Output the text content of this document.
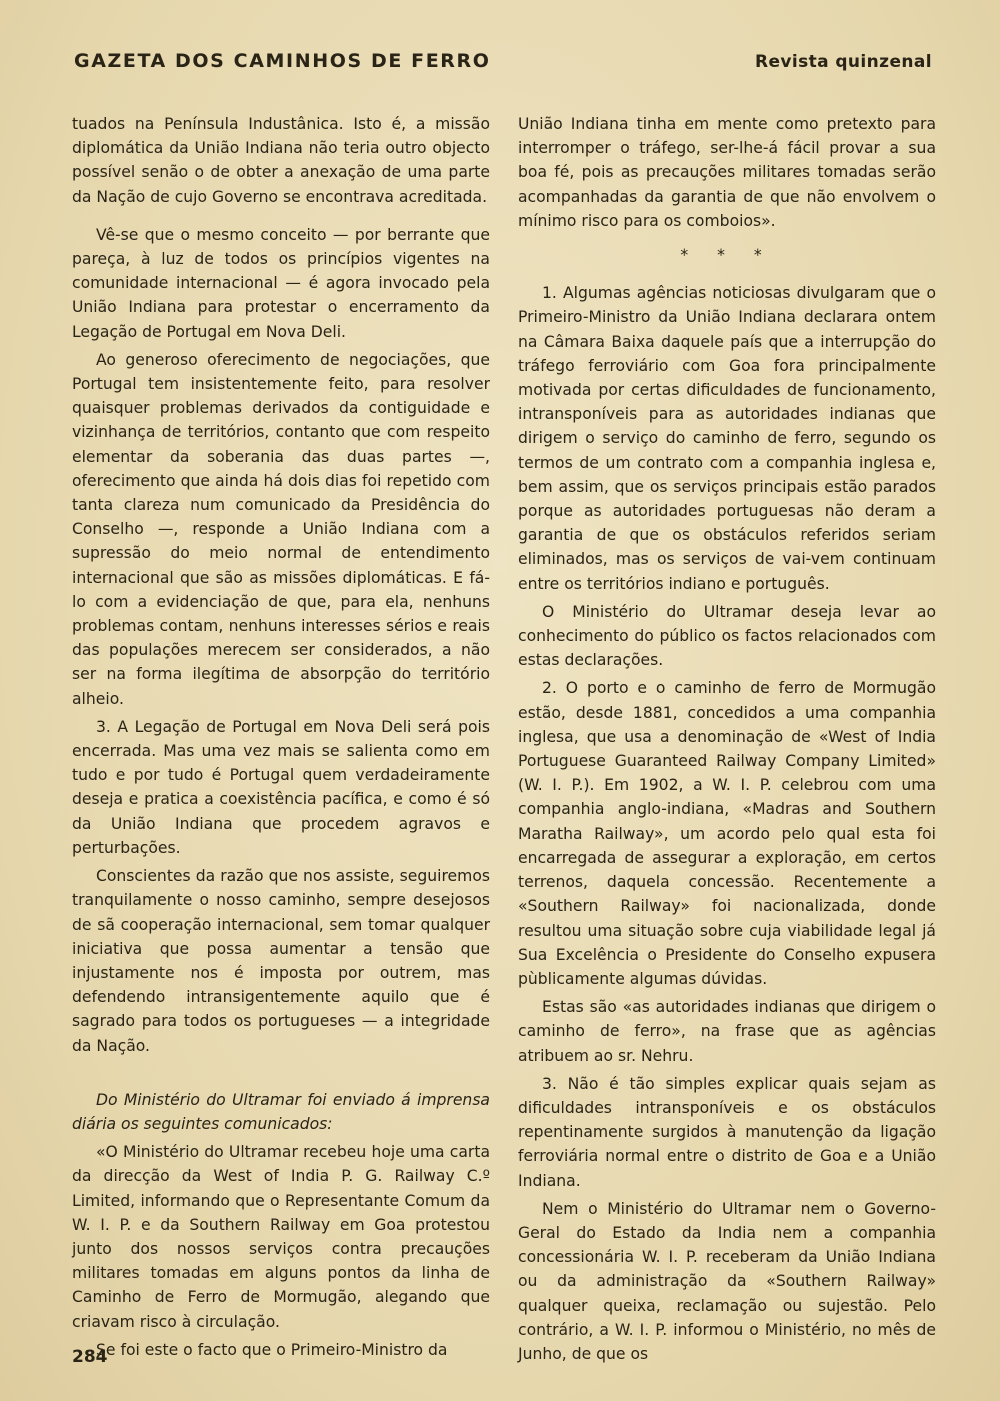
GAZETA DOS CAMINHOS DE FERRO	Revista quinzenal

tuados na Península Industânica. Isto é, a missão diplomática da União Indiana não teria outro objecto possível senão o de obter a anexação de uma parte da Nação de cujo Governo se encontrava acreditada.

Vê-se que o mesmo conceito — por berrante que pareça, à luz de todos os princípios vigentes na comunidade internacional — é agora invocado pela União Indiana para protestar o encerramento da Legação de Portugal em Nova Deli.

Ao generoso oferecimento de negociações, que Portugal tem insistentemente feito, para resolver quaisquer problemas derivados da contiguidade e vizinhança de territórios, contanto que com respeito elementar da soberania das duas partes —, oferecimento que ainda há dois dias foi repetido com tanta clareza num comunicado da Presidência do Conselho —, responde a União Indiana com a supressão do meio normal de entendimento internacional que são as missões diplomáticas. E fá-lo com a evidenciação de que, para ela, nenhuns problemas contam, nenhuns interesses sérios e reais das populações merecem ser considerados, a não ser na forma ilegítima de absorpção do território alheio.

3. A Legação de Portugal em Nova Deli será pois encerrada. Mas uma vez mais se salienta como em tudo e por tudo é Portugal quem verdadeiramente deseja e pratica a coexistência pacífica, e como é só da União Indiana que procedem agravos e perturbações.

Conscientes da razão que nos assiste, seguiremos tranquilamente o nosso caminho, sempre desejosos de sã cooperação internacional, sem tomar qualquer iniciativa que possa aumentar a tensão que injustamente nos é imposta por outrem, mas defendendo intransigentemente aquilo que é sagrado para todos os portugueses — a integridade da Nação.

Do Ministério do Ultramar foi enviado á imprensa diária os seguintes comunicados:

«O Ministério do Ultramar recebeu hoje uma carta da direcção da West of India P. G. Railway C.º Limited, informando que o Representante Comum da W. I. P. e da Southern Railway em Goa protestou junto dos nossos serviços contra precauções militares tomadas em alguns pontos da linha de Caminho de Ferro de Mormugão, alegando que criavam risco à circulação.

Se foi este o facto que o Primeiro-Ministro da

União Indiana tinha em mente como pretexto para interromper o tráfego, ser-lhe-á fácil provar a sua boa fé, pois as precauções militares tomadas serão acompanhadas da garantia de que não envolvem o mínimo risco para os comboios».

* * *

1. Algumas agências noticiosas divulgaram que o Primeiro-Ministro da União Indiana declarara ontem na Câmara Baixa daquele país que a interrupção do tráfego ferroviário com Goa fora principalmente motivada por certas dificuldades de funcionamento, intransponíveis para as autoridades indianas que dirigem o serviço do caminho de ferro, segundo os termos de um contrato com a companhia inglesa e, bem assim, que os serviços principais estão parados porque as autoridades portuguesas não deram a garantia de que os obstáculos referidos seriam eliminados, mas os serviços de vai-vem continuam entre os territórios indiano e português.

O Ministério do Ultramar deseja levar ao conhecimento do público os factos relacionados com estas declarações.

2. O porto e o caminho de ferro de Mormugão estão, desde 1881, concedidos a uma companhia inglesa, que usa a denominação de «West of India Portuguese Guaranteed Railway Company Limited» (W. I. P.). Em 1902, a W. I. P. celebrou com uma companhia anglo-indiana, «Madras and Southern Maratha Railway», um acordo pelo qual esta foi encarregada de assegurar a exploração, em certos terrenos, daquela concessão. Recentemente a «Southern Railway» foi nacionalizada, donde resultou uma situação sobre cuja viabilidade legal já Sua Excelência o Presidente do Conselho expusera pùblicamente algumas dúvidas.

Estas são «as autoridades indianas que dirigem o caminho de ferro», na frase que as agências atribuem ao sr. Nehru.

3. Não é tão simples explicar quais sejam as dificuldades intransponíveis e os obstáculos repentinamente surgidos à manutenção da ligação ferroviária normal entre o distrito de Goa e a União Indiana.

Nem o Ministério do Ultramar nem o Governo-Geral do Estado da India nem a companhia concessionária W. I. P. receberam da União Indiana ou da administração da «Southern Railway» qualquer queixa, reclamação ou sujestão. Pelo contrário, a W. I. P. informou o Ministério, no mês de Junho, de que os

284
